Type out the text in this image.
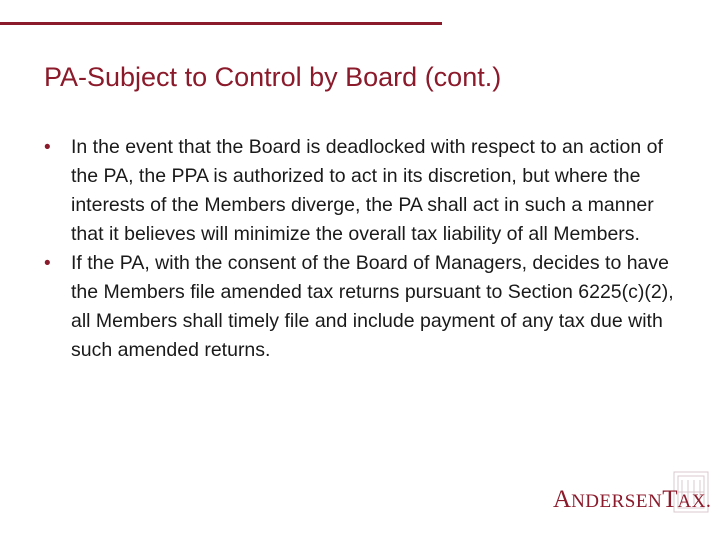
PA-Subject to Control by Board (cont.)
• In the event that the Board is deadlocked with respect to an action of the PA, the PPA is authorized to act in its discretion, but where the interests of the Members diverge, the PA shall act in such a manner that it believes will minimize the overall tax liability of all Members.
• If the PA, with the consent of the Board of Managers, decides to have the Members file amended tax returns pursuant to Section 6225(c)(2), all Members shall timely file and include payment of any tax due with such amended returns.
ANDERSENTAX.
